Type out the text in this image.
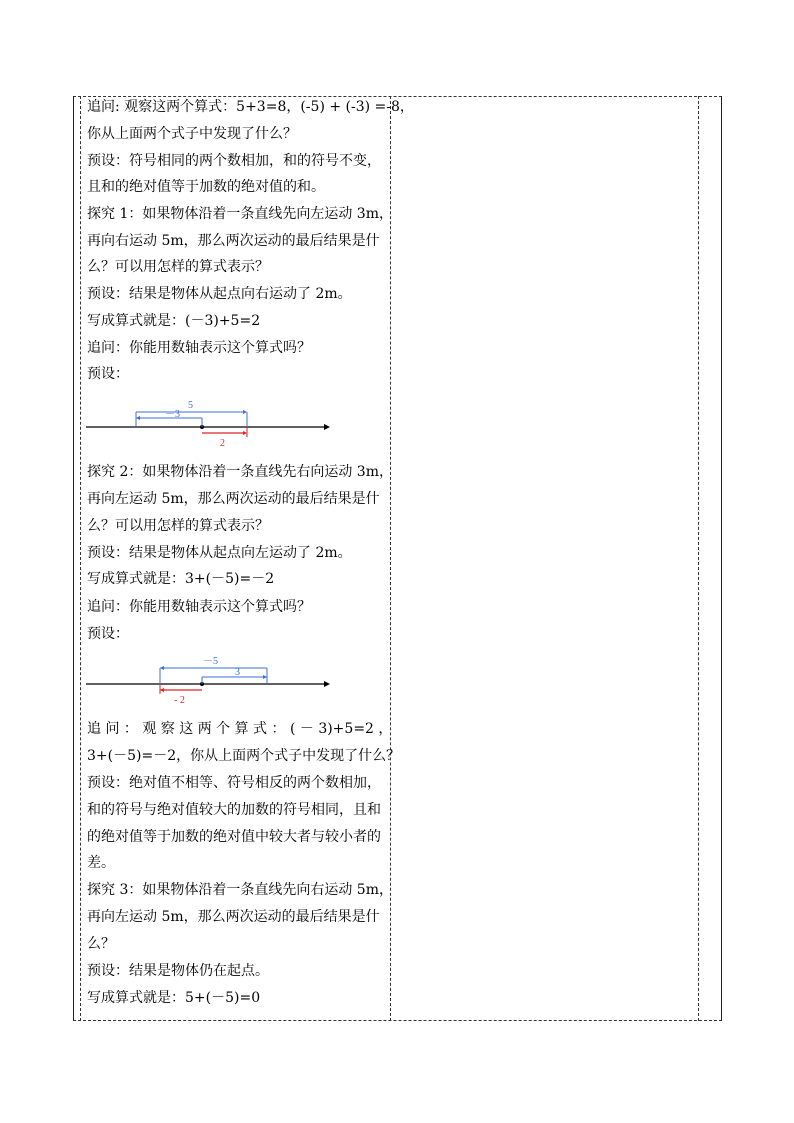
追问: 观察这两个算式：5+3=8，(-5) + (-3) =-8，
你从上面两个式子中发现了什么？
预设：符号相同的两个数相加，和的符号不变，
且和的绝对值等于加数的绝对值的和。
探究 1：如果物体沿着一条直线先向左运动 3m，
再向右运动 5m，那么两次运动的最后结果是什
么？可以用怎样的算式表示？
预设：结果是物体从起点向右运动了 2m。
写成算式就是：(－3)+5=2
追问：你能用数轴表示这个算式吗？
预设：
5
－3
2
探究 2：如果物体沿着一条直线先右向运动 3m，
再向左运动 5m，那么两次运动的最后结果是什
么？可以用怎样的算式表示？
预设：结果是物体从起点向左运动了 2m。
写成算式就是：3+(－5)=－2
追问：你能用数轴表示这个算式吗？
预设：
－5
3
- 2
追 问 ： 观 察 这 两 个 算 式 ： ( － 3)+5=2 ，
3+(－5)=－2，你从上面两个式子中发现了什么？
预设：绝对值不相等、符号相反的两个数相加，
和的符号与绝对值较大的加数的符号相同，且和
的绝对值等于加数的绝对值中较大者与较小者的
差。
探究 3：如果物体沿着一条直线先向右运动 5m，
再向左运动 5m，那么两次运动的最后结果是什
么？
预设：结果是物体仍在起点。
写成算式就是：5+(－5)=0
